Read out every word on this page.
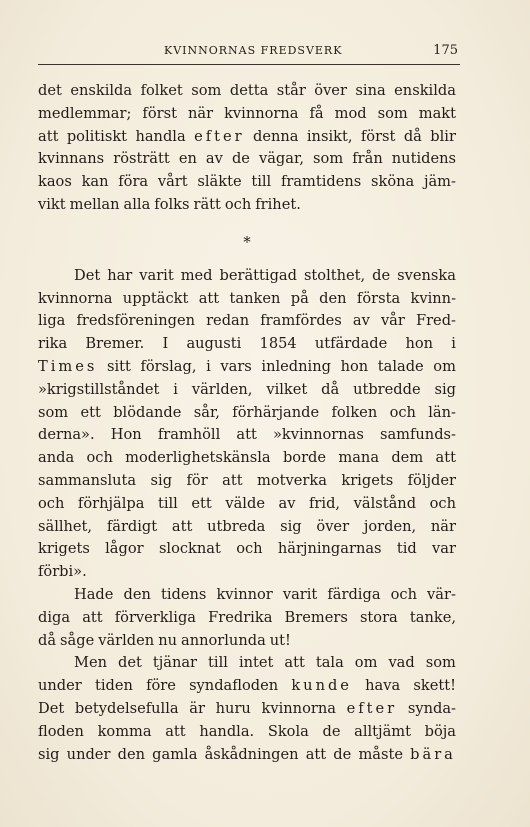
KVINNORNAS FREDSVERK	175
det enskilda folket som detta står över sina enskilda
medlemmar; först när kvinnorna få mod som makt
att politiskt handla efter denna insikt, först då blir
kvinnans rösträtt en av de vägar, som från nutidens
kaos kan föra vårt släkte till framtidens sköna jäm-
vikt mellan alla folks rätt och frihet.
*
Det har varit med berättigad stolthet, de svenska
kvinnorna upptäckt att tanken på den första kvinn-
liga fredsföreningen redan framfördes av vår Fred-
rika Bremer. I augusti 1854 utfärdade hon i
Times sitt förslag, i vars inledning hon talade om
»krigstillståndet i världen, vilket då utbredde sig
som ett blödande sår, förhärjande folken och län-
derna». Hon framhöll att »kvinnornas samfunds-
anda och moderlighetskänsla borde mana dem att
sammansluta sig för att motverka krigets följder
och förhjälpa till ett välde av frid, välstånd och
sällhet, färdigt att utbreda sig över jorden, när
krigets lågor slocknat och härjningarnas tid var
förbi».
Hade den tidens kvinnor varit färdiga och vär-
diga att förverkliga Fredrika Bremers stora tanke,
då såge världen nu annorlunda ut!
Men det tjänar till intet att tala om vad som
under tiden före syndafloden kunde hava skett!
Det betydelsefulla är huru kvinnorna efter synda-
floden komma att handla. Skola de alltjämt böja
sig under den gamla åskådningen att de måste bära
